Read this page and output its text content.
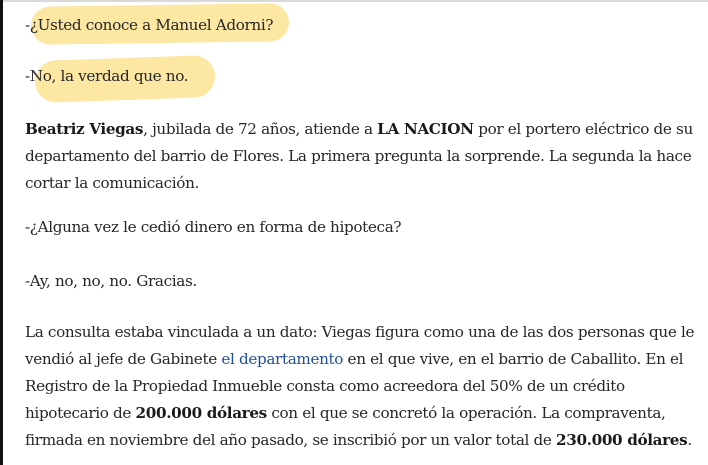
-¿Usted conoce a Manuel Adorni?

-No, la verdad que no.

Beatriz Viegas, jubilada de 72 años, atiende a LA NACION por el portero eléctrico de su departamento del barrio de Flores. La primera pregunta la sorprende. La segunda la hace cortar la comunicación.

-¿Alguna vez le cedió dinero en forma de hipoteca?

-Ay, no, no, no. Gracias.

La consulta estaba vinculada a un dato: Viegas figura como una de las dos personas que le vendió al jefe de Gabinete el departamento en el que vive, en el barrio de Caballito. En el Registro de la Propiedad Inmueble consta como acreedora del 50% de un crédito hipotecario de 200.000 dólares con el que se concretó la operación. La compraventa, firmada en noviembre del año pasado, se inscribió por un valor total de 230.000 dólares.
